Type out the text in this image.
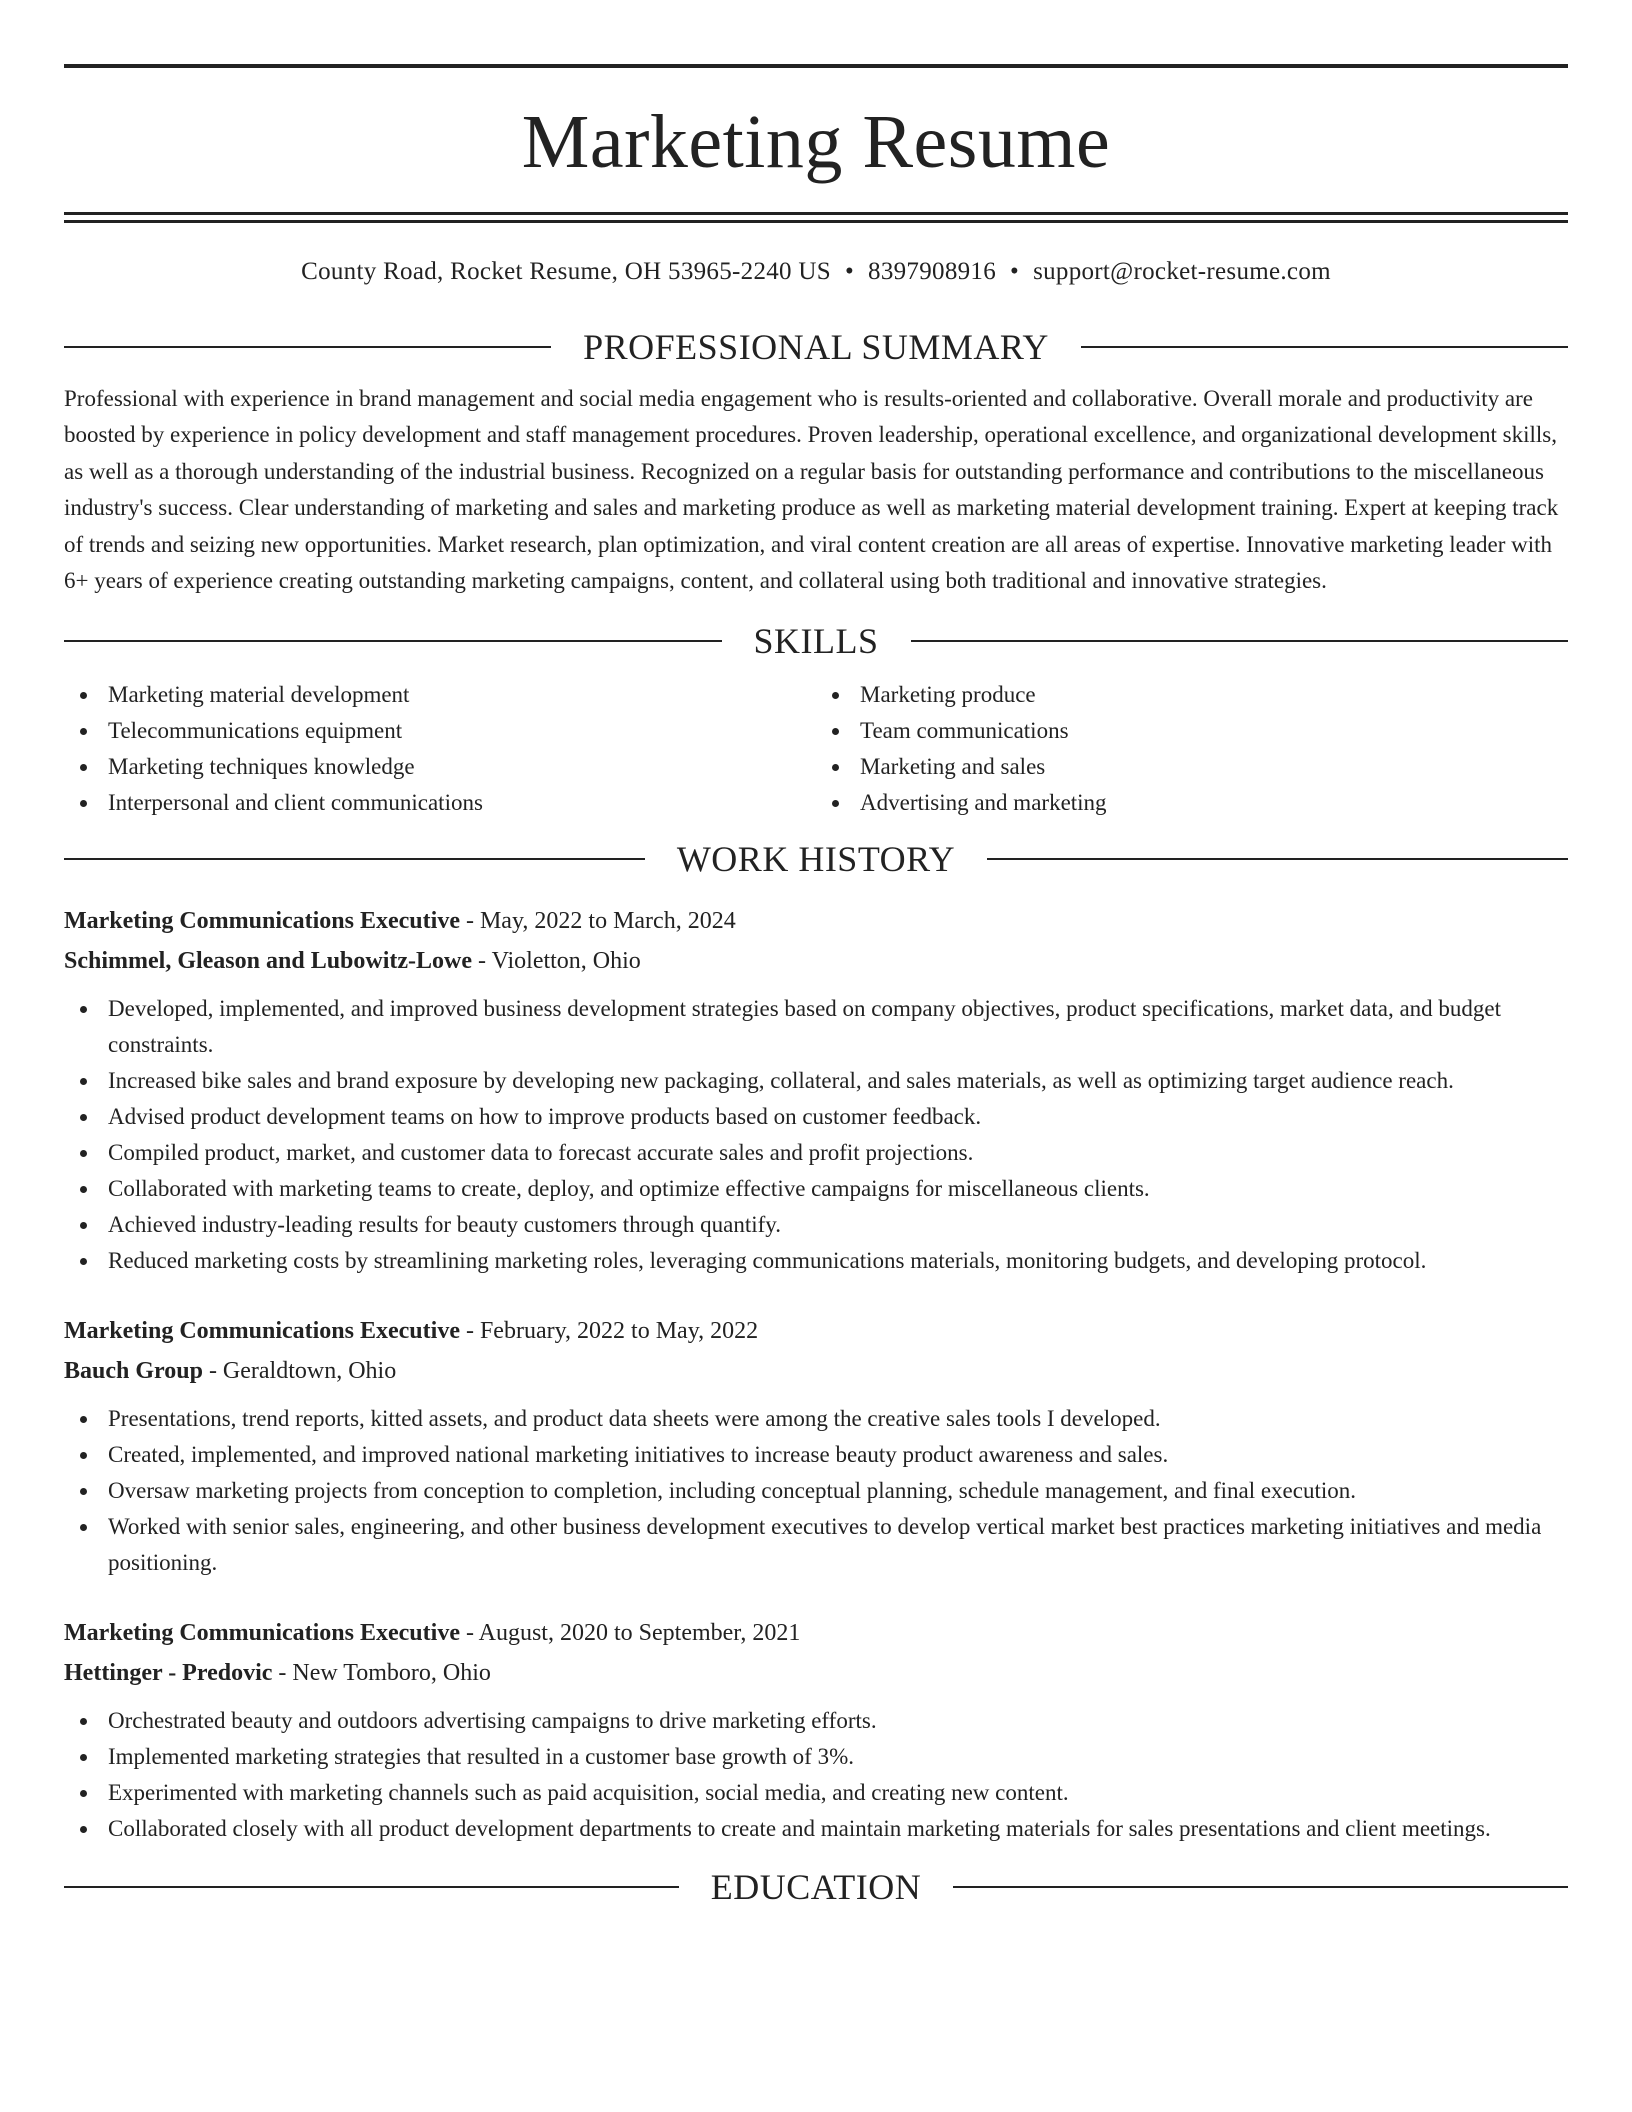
Marketing Resume
County Road, Rocket Resume, OH 53965-2240 US • 8397908916 • support@rocket-resume.com
PROFESSIONAL SUMMARY
Professional with experience in brand management and social media engagement who is results-oriented and collaborative. Overall morale and productivity are boosted by experience in policy development and staff management procedures. Proven leadership, operational excellence, and organizational development skills, as well as a thorough understanding of the industrial business. Recognized on a regular basis for outstanding performance and contributions to the miscellaneous industry's success. Clear understanding of marketing and sales and marketing produce as well as marketing material development training. Expert at keeping track of trends and seizing new opportunities. Market research, plan optimization, and viral content creation are all areas of expertise. Innovative marketing leader with 6+ years of experience creating outstanding marketing campaigns, content, and collateral using both traditional and innovative strategies.
SKILLS
Marketing material development
Telecommunications equipment
Marketing techniques knowledge
Interpersonal and client communications
Marketing produce
Team communications
Marketing and sales
Advertising and marketing
WORK HISTORY
Marketing Communications Executive - May, 2022 to March, 2024
Schimmel, Gleason and Lubowitz-Lowe - Violetton, Ohio
Developed, implemented, and improved business development strategies based on company objectives, product specifications, market data, and budget constraints.
Increased bike sales and brand exposure by developing new packaging, collateral, and sales materials, as well as optimizing target audience reach.
Advised product development teams on how to improve products based on customer feedback.
Compiled product, market, and customer data to forecast accurate sales and profit projections.
Collaborated with marketing teams to create, deploy, and optimize effective campaigns for miscellaneous clients.
Achieved industry-leading results for beauty customers through quantify.
Reduced marketing costs by streamlining marketing roles, leveraging communications materials, monitoring budgets, and developing protocol.
Marketing Communications Executive - February, 2022 to May, 2022
Bauch Group - Geraldtown, Ohio
Presentations, trend reports, kitted assets, and product data sheets were among the creative sales tools I developed.
Created, implemented, and improved national marketing initiatives to increase beauty product awareness and sales.
Oversaw marketing projects from conception to completion, including conceptual planning, schedule management, and final execution.
Worked with senior sales, engineering, and other business development executives to develop vertical market best practices marketing initiatives and media positioning.
Marketing Communications Executive - August, 2020 to September, 2021
Hettinger - Predovic - New Tomboro, Ohio
Orchestrated beauty and outdoors advertising campaigns to drive marketing efforts.
Implemented marketing strategies that resulted in a customer base growth of 3%.
Experimented with marketing channels such as paid acquisition, social media, and creating new content.
Collaborated closely with all product development departments to create and maintain marketing materials for sales presentations and client meetings.
EDUCATION
